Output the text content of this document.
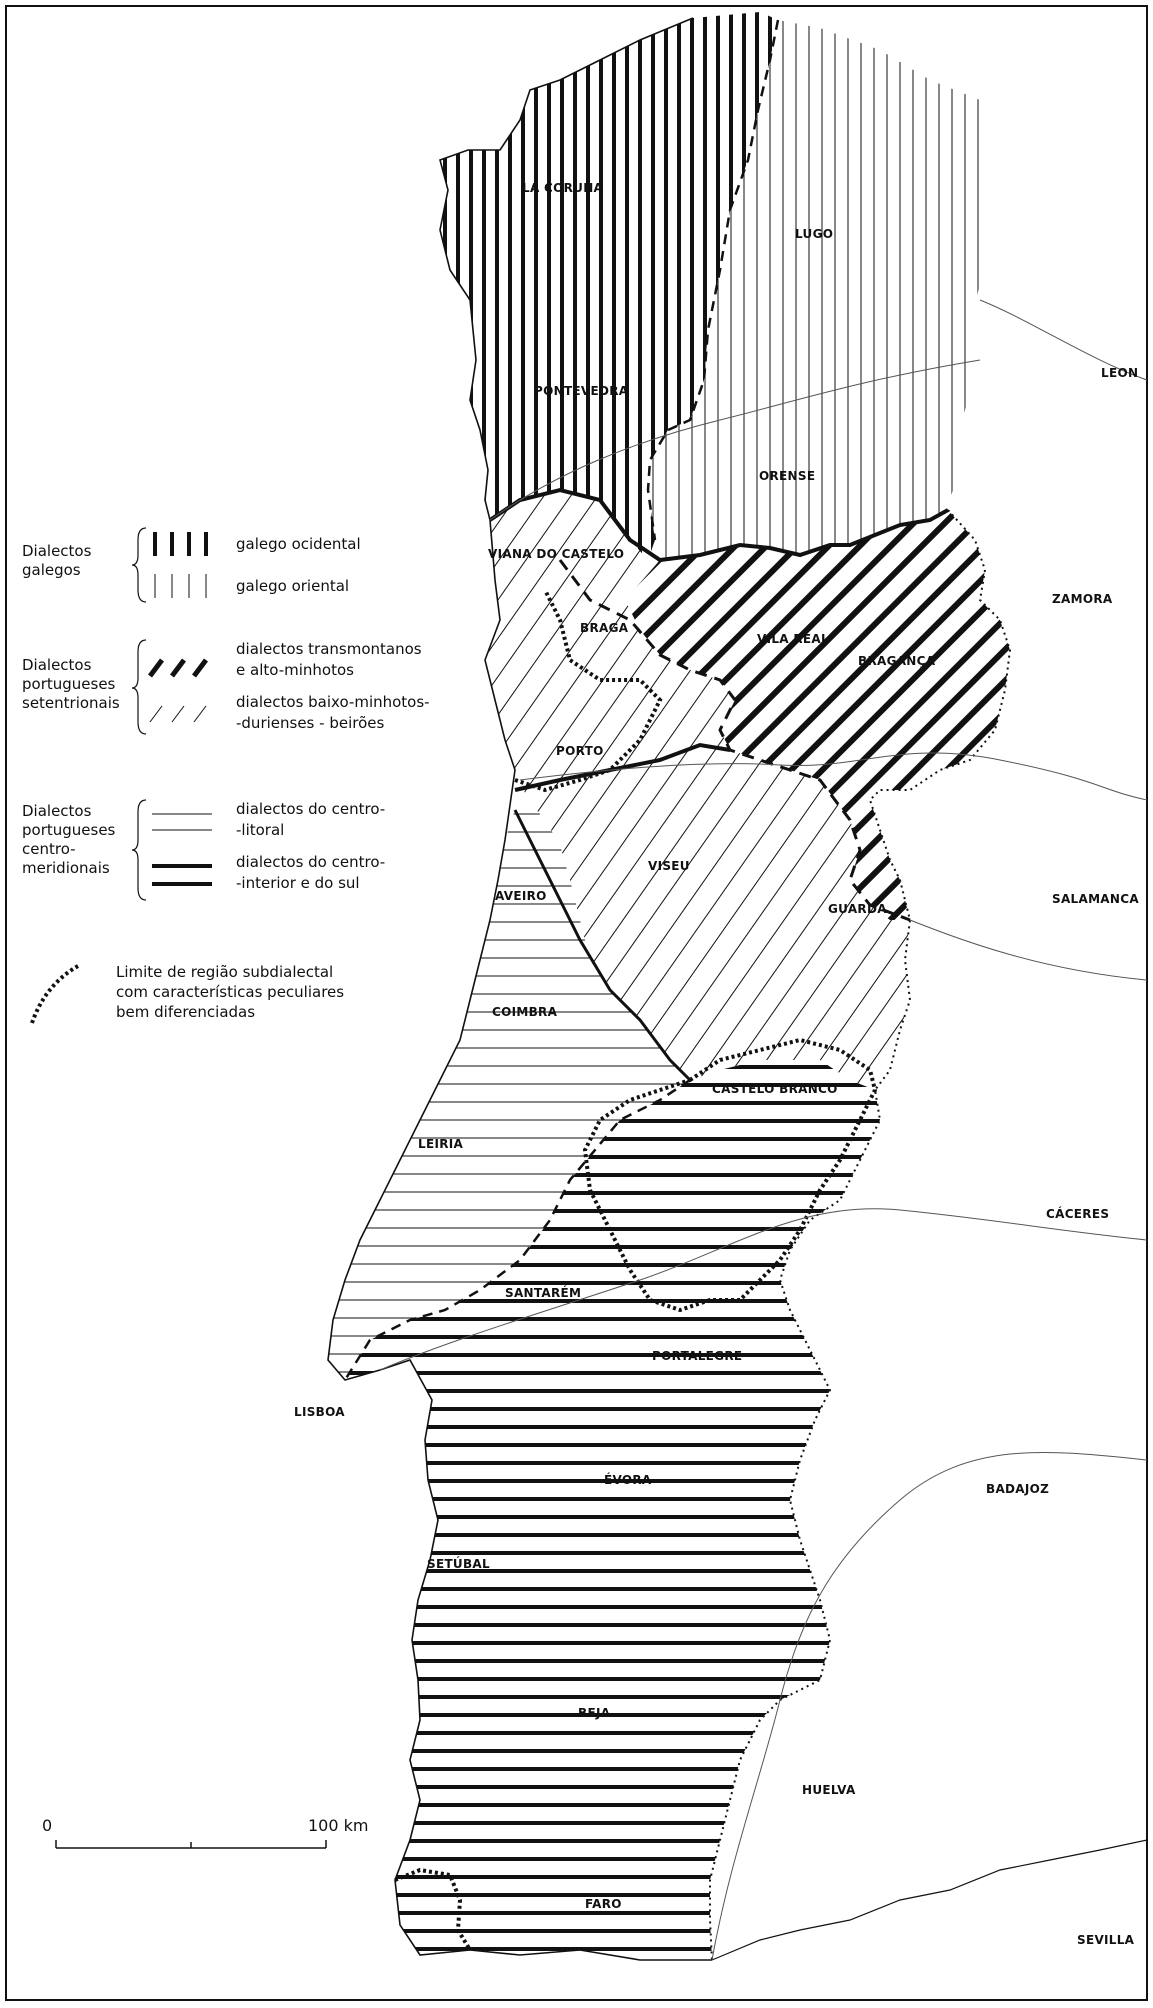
LA CORUÑA
LUGO
PONTEVEDRA
ORENSE
VIANA DO CASTELO
BRAGA
VILA REAL
BRAGANÇA
PORTO
VISEU
GUARDA
AVEIRO
COIMBRA
CASTELO BRANCO
LEIRIA
SANTARÉM
PORTALEGRE
LISBOA
ÉVORA
SETÚBAL
BEJA
FARO
LEON
ZAMORA
SALAMANCA
CÁCERES
BADAJOZ
HUELVA
SEVILLA
Dialectos
galegos
galego ocidental
galego oriental
Dialectos
portugueses
setentrionais
dialectos transmontanos
e alto-minhotos
dialectos baixo-minhotos-
-durienses - beirões
Dialectos
portugueses
centro-
meridionais
dialectos do centro-
-litoral
dialectos do centro-
-interior e do sul
Limite de região subdialectal
com características peculiares
bem diferenciadas
0	100 km
